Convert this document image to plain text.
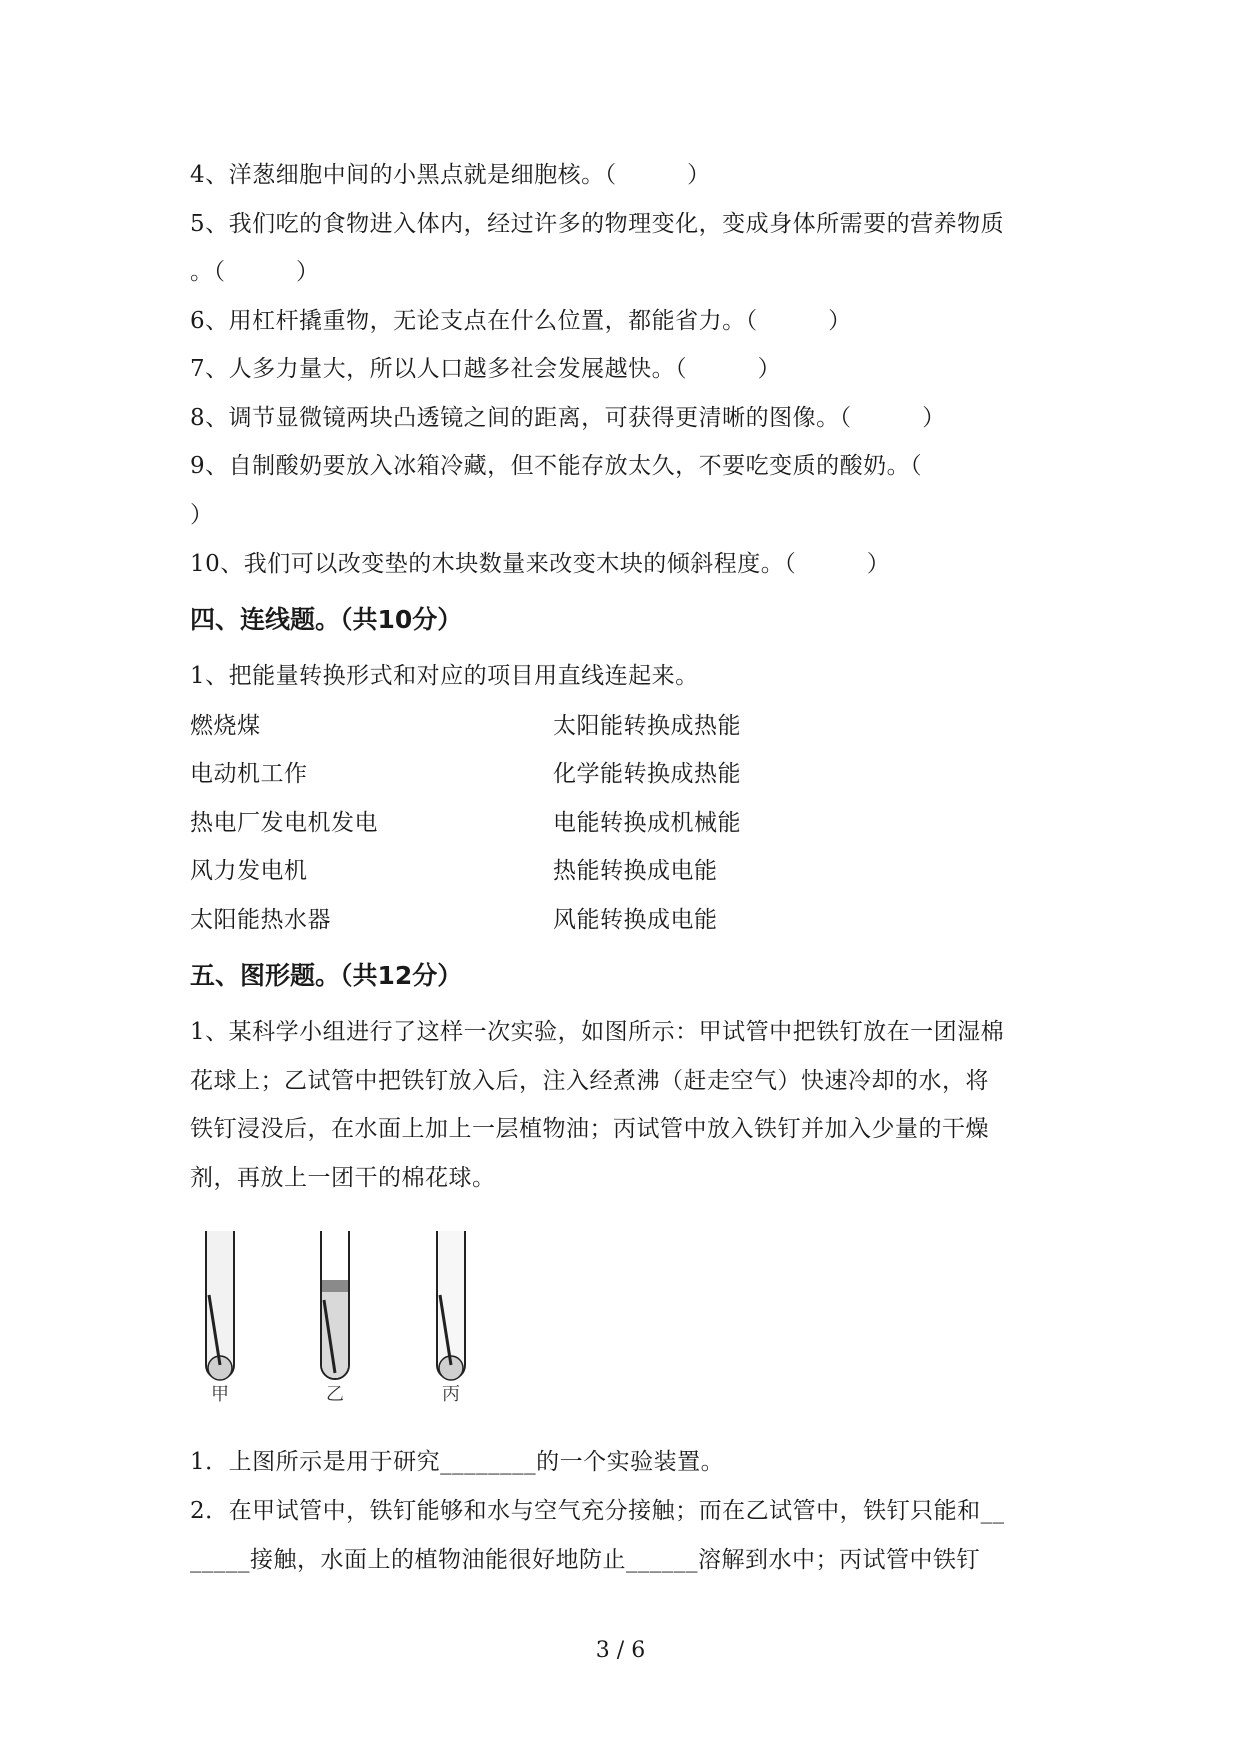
4、洋葱细胞中间的小黑点就是细胞核。（　　　）
5、我们吃的食物进入体内，经过许多的物理变化，变成身体所需要的营养物质
。（　　　）
6、用杠杆撬重物，无论支点在什么位置，都能省力。（　　　）
7、人多力量大，所以人口越多社会发展越快。（　　　）
8、调节显微镜两块凸透镜之间的距离，可获得更清晰的图像。（　　　）
9、自制酸奶要放入冰箱冷藏，但不能存放太久，不要吃变质的酸奶。（
）
10、我们可以改变垫的木块数量来改变木块的倾斜程度。（　　　）
四、连线题。（共10分）
1、把能量转换形式和对应的项目用直线连起来。
燃烧煤	太阳能转换成热能
电动机工作	化学能转换成热能
热电厂发电机发电	电能转换成机械能
风力发电机	热能转换成电能
太阳能热水器	风能转换成电能
五、图形题。（共12分）
1、某科学小组进行了这样一次实验，如图所示：甲试管中把铁钉放在一团湿棉
花球上；乙试管中把铁钉放入后，注入经煮沸（赶走空气）快速冷却的水，将
铁钉浸没后，在水面上加上一层植物油；丙试管中放入铁钉并加入少量的干燥
剂，再放上一团干的棉花球。
甲	乙	丙
1．上图所示是用于研究________的一个实验装置。
2．在甲试管中，铁钉能够和水与空气充分接触；而在乙试管中，铁钉只能和__
_____接触，水面上的植物油能很好地防止______溶解到水中；丙试管中铁钉
3 / 6
